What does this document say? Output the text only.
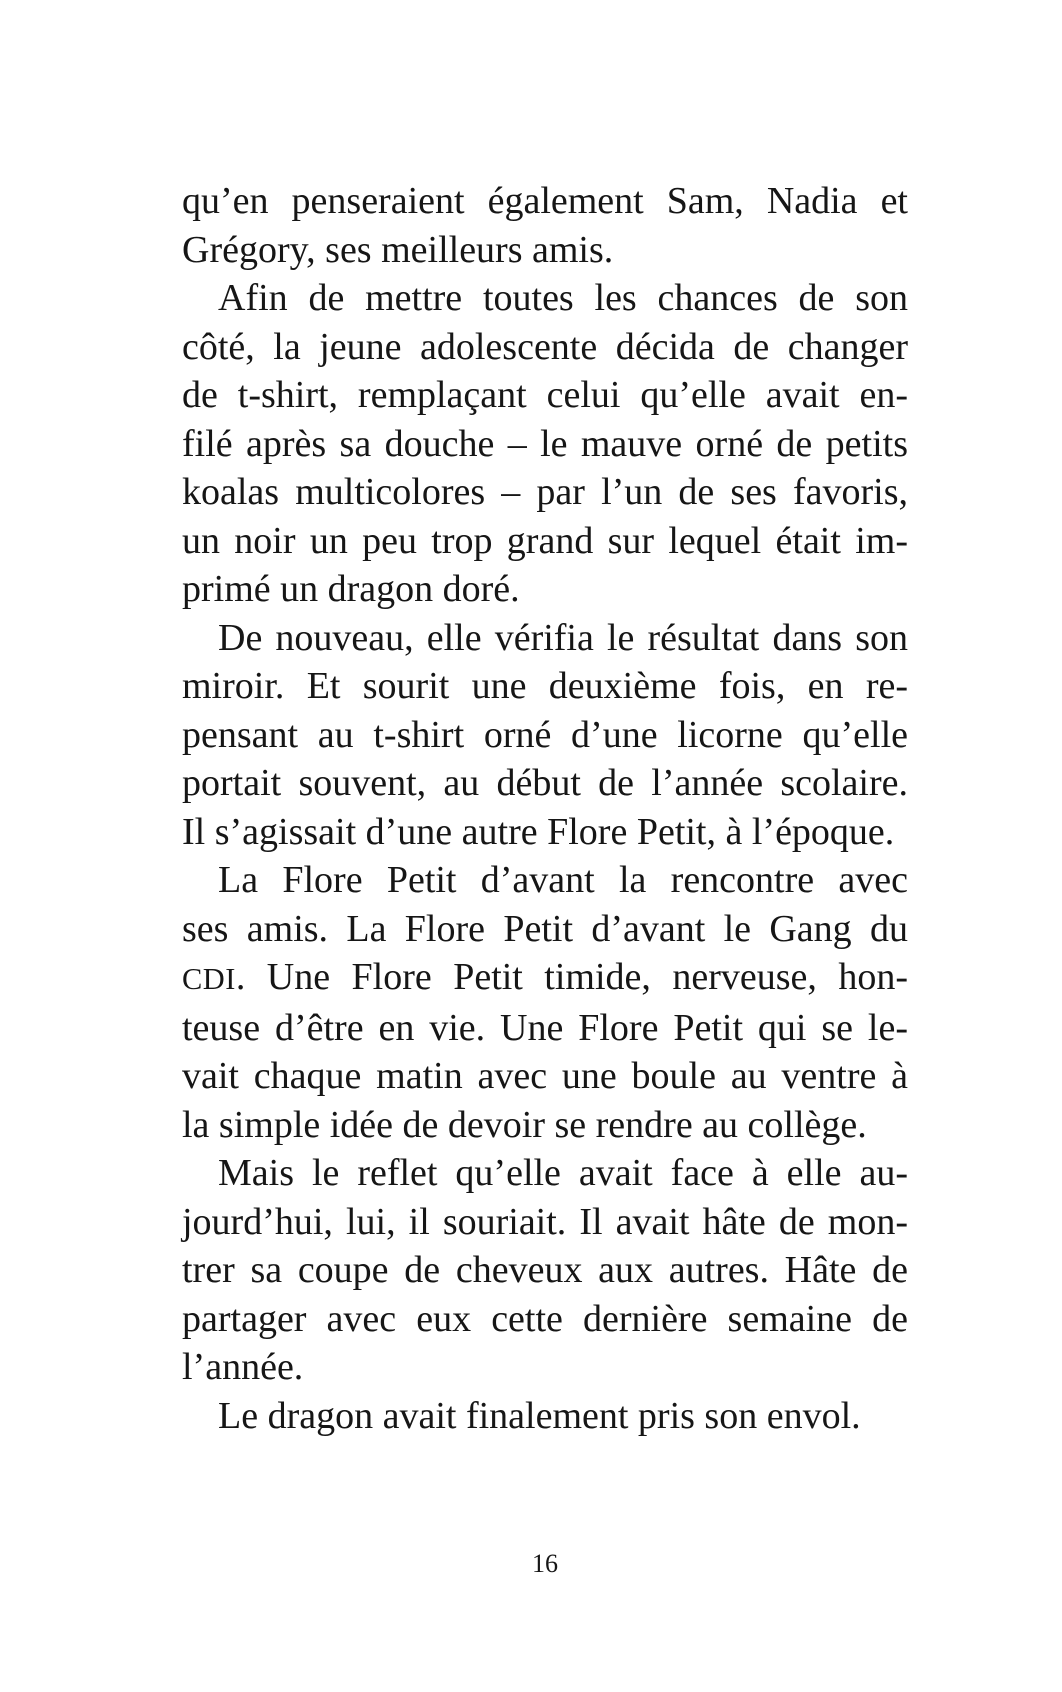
qu’en penseraient également Sam, Nadia et
Grégory, ses meilleurs amis.
Afin de mettre toutes les chances de son
côté, la jeune adolescente décida de changer
de t-shirt, remplaçant celui qu’elle avait en-
filé après sa douche – le mauve orné de petits
koalas multicolores – par l’un de ses favoris,
un noir un peu trop grand sur lequel était im-
primé un dragon doré.
De nouveau, elle vérifia le résultat dans son
miroir. Et sourit une deuxième fois, en re-
pensant au t-shirt orné d’une licorne qu’elle
portait souvent, au début de l’année scolaire.
Il s’agissait d’une autre Flore Petit, à l’époque.
La Flore Petit d’avant la rencontre avec
ses amis. La Flore Petit d’avant le Gang du
CDI. Une Flore Petit timide, nerveuse, hon-
teuse d’être en vie. Une Flore Petit qui se le-
vait chaque matin avec une boule au ventre à
la simple idée de devoir se rendre au collège.
Mais le reflet qu’elle avait face à elle au-
jourd’hui, lui, il souriait. Il avait hâte de mon-
trer sa coupe de cheveux aux autres. Hâte de
partager avec eux cette dernière semaine de
l’année.
Le dragon avait finalement pris son envol.
16
